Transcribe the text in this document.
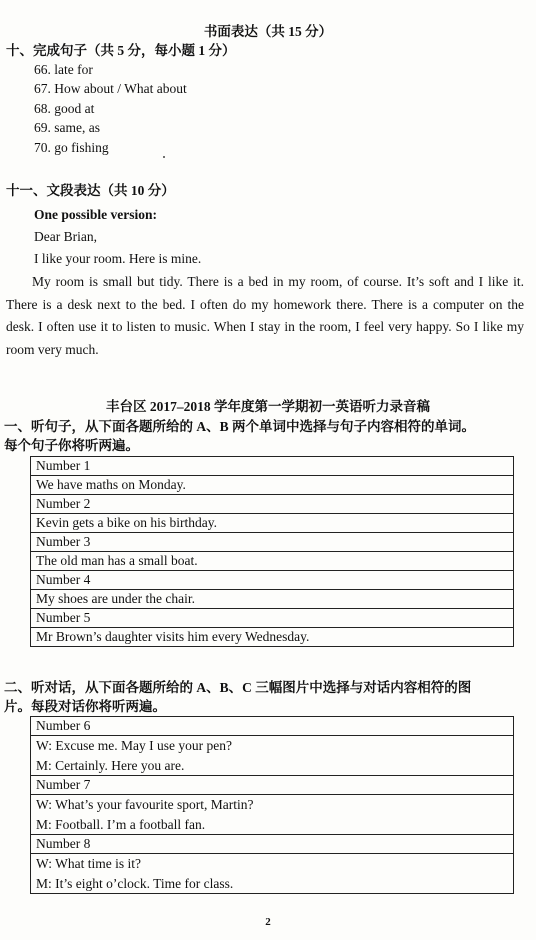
书面表达（共 15 分）
十、完成句子（共 5 分，每小题 1 分）
66. late for
67. How about / What about
68. good at
69. same, as
70. go fishing
十一、文段表达（共 10 分）
One possible version:
Dear Brian,
I like your room. Here is mine.
My room is small but tidy. There is a bed in my room, of course. It’s soft and I like it. There is a desk next to the bed. I often do my homework there. There is a computer on the desk. I often use it to listen to music. When I stay in the room, I feel very happy. So I like my room very much.
丰台区 2017–2018 学年度第一学期初一英语听力录音稿
一、听句子，从下面各题所给的 A、B 两个单词中选择与句子内容相符的单词。
每个句子你将听两遍。
Number 1
We have maths on Monday.
Number 2
Kevin gets a bike on his birthday.
Number 3
The old man has a small boat.
Number 4
My shoes are under the chair.
Number 5
Mr Brown’s daughter visits him every Wednesday.
二、听对话，从下面各题所给的 A、B、C 三幅图片中选择与对话内容相符的图
片。每段对话你将听两遍。
Number 6

W: Excuse me. May I use your pen?
M: Certainly. Here you are.

Number 7

W: What’s your favourite sport, Martin?
M: Football. I’m a football fan.

Number 8

W: What time is it?
M: It’s eight o’clock. Time for class.
2
